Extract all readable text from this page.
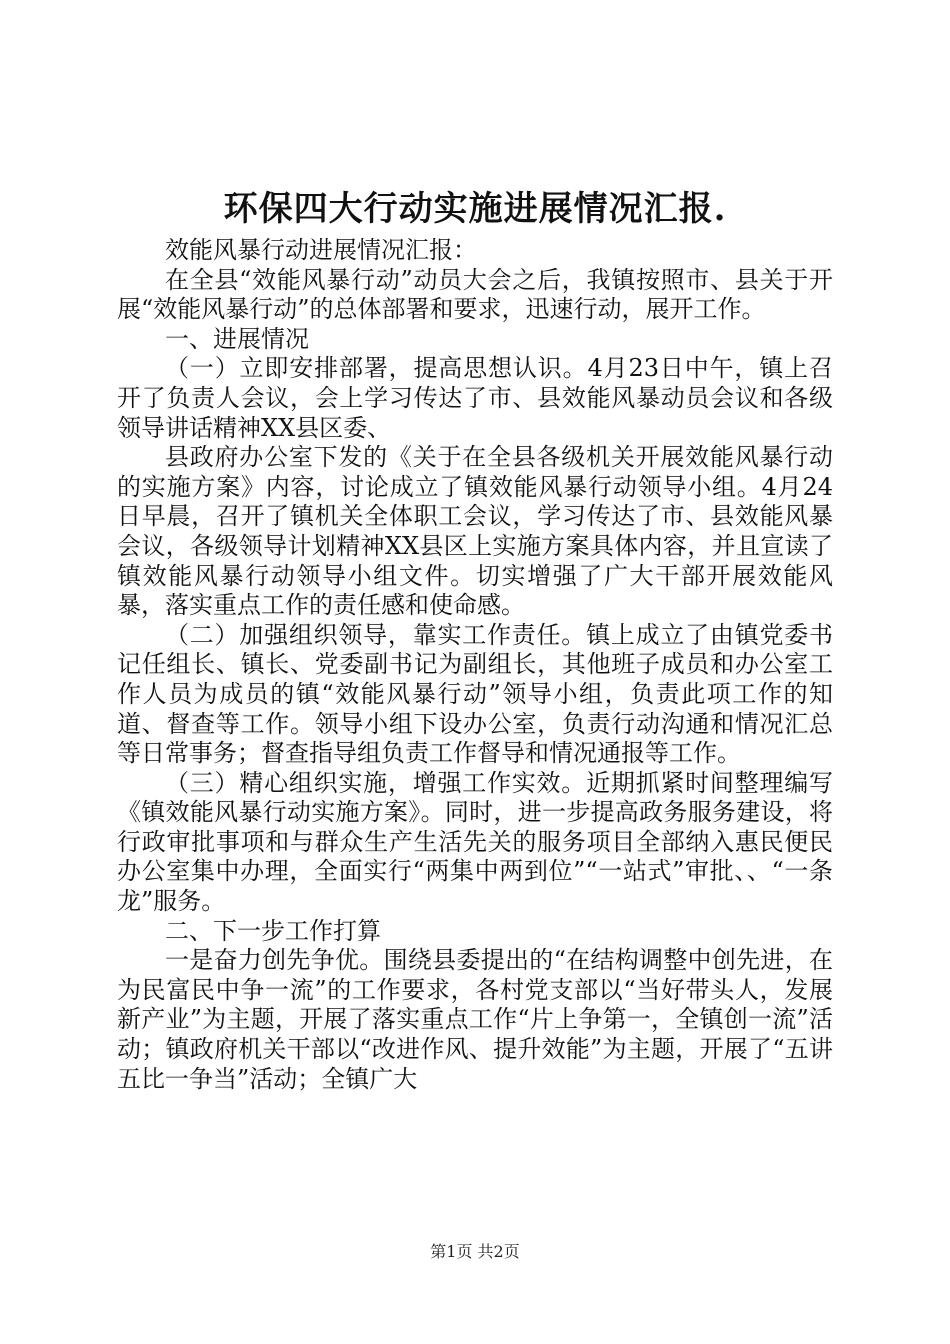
环保四大行动实施进展情况汇报.

效能风暴行动进展情况汇报：

在全县“效能风暴行动”动员大会之后，我镇按照市、县关于开展“效能风暴行动”的总体部署和要求，迅速行动，展开工作。

一、进展情况

（一）立即安排部署，提高思想认识。4月23日中午，镇上召开了负责人会议，会上学习传达了市、县效能风暴动员会议和各级领导讲话精神XX县区委、

县政府办公室下发的《关于在全县各级机关开展效能风暴行动的实施方案》内容，讨论成立了镇效能风暴行动领导小组。4月24日早晨，召开了镇机关全体职工会议，学习传达了市、县效能风暴会议，各级领导计划精神XX县区上实施方案具体内容，并且宣读了镇效能风暴行动领导小组文件。切实增强了广大干部开展效能风暴，落实重点工作的责任感和使命感。

（二）加强组织领导，靠实工作责任。镇上成立了由镇党委书记任组长、镇长、党委副书记为副组长，其他班子成员和办公室工作人员为成员的镇“效能风暴行动”领导小组，负责此项工作的知道、督查等工作。领导小组下设办公室，负责行动沟通和情况汇总等日常事务；督查指导组负责工作督导和情况通报等工作。

（三）精心组织实施，增强工作实效。近期抓紧时间整理编写《镇效能风暴行动实施方案》。同时，进一步提高政务服务建设，将行政审批事项和与群众生产生活先关的服务项目全部纳入惠民便民办公室集中办理，全面实行“两集中两到位”“一站式”审批、、“一条龙”服务。

二、下一步工作打算

一是奋力创先争优。围绕县委提出的“在结构调整中创先进，在为民富民中争一流”的工作要求，各村党支部以“当好带头人，发展新产业”为主题，开展了落实重点工作“片上争第一，全镇创一流”活动；镇政府机关干部以“改进作风、提升效能”为主题，开展了“五讲五比一争当”活动；全镇广大

第1页 共2页
